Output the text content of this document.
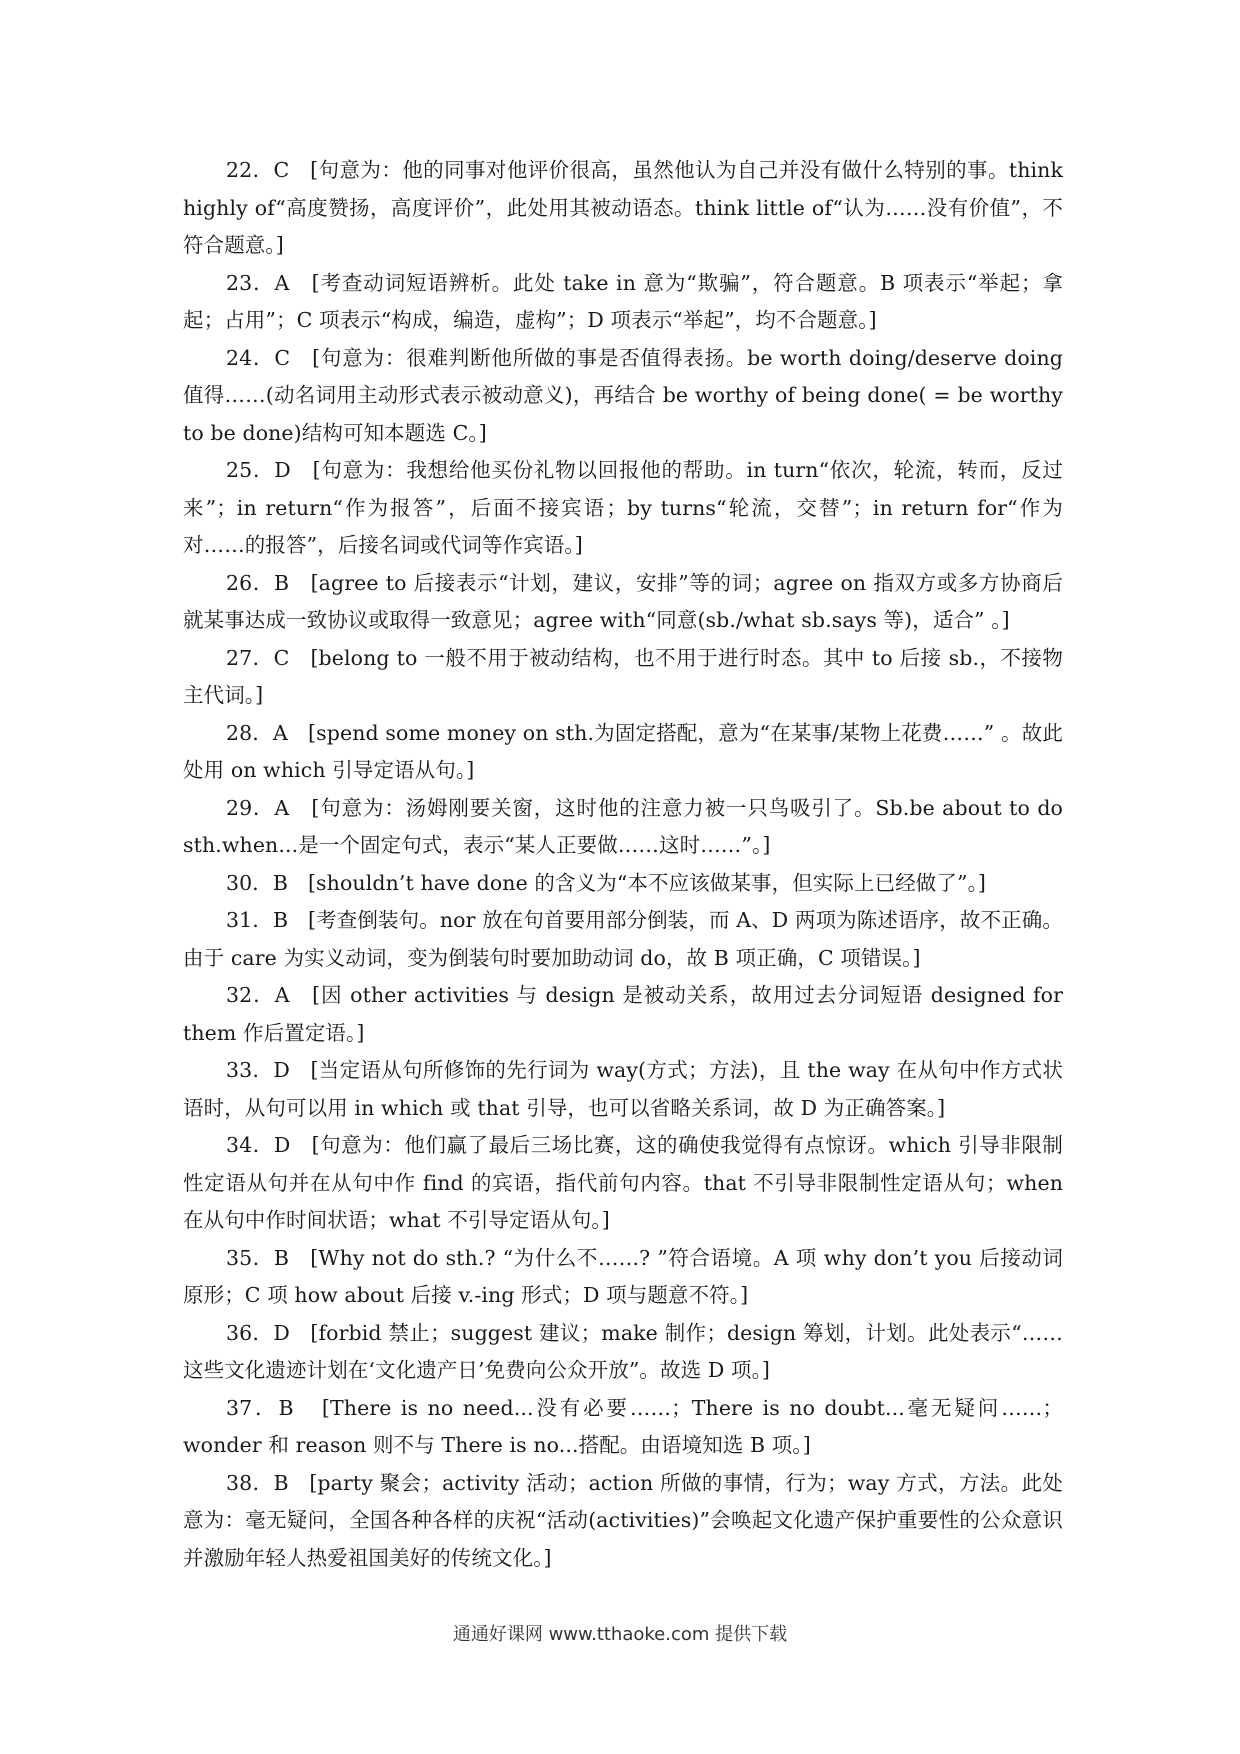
22．C [句意为：他的同事对他评价很高，虽然他认为自己并没有做什么特别的事。think highly of“高度赞扬，高度评价”，此处用其被动语态。think little of“认为……没有价值”，不符合题意。]

23．A [考查动词短语辨析。此处 take in 意为“欺骗”，符合题意。B 项表示“举起；拿起；占用”；C 项表示“构成，编造，虚构”；D 项表示“举起”，均不合题意。]

24．C [句意为：很难判断他所做的事是否值得表扬。be worth doing/deserve doing 值得……(动名词用主动形式表示被动意义)，再结合 be worthy of being done( = be worthy to be done)结构可知本题选 C。]

25．D [句意为：我想给他买份礼物以回报他的帮助。in turn“依次，轮流，转而，反过来”；in return“作为报答”，后面不接宾语；by turns“轮流，交替”；in return for“作为对……的报答”，后接名词或代词等作宾语。]

26．B [agree to 后接表示“计划，建议，安排”等的词；agree on 指双方或多方协商后就某事达成一致协议或取得一致意见；agree with“同意(sb./what sb.says 等)，适合” 。]

27．C [belong to 一般不用于被动结构，也不用于进行时态。其中 to 后接 sb.，不接物主代词。]

28．A [spend some money on sth.为固定搭配，意为“在某事/某物上花费……” 。故此处用 on which 引导定语从句。]

29．A [句意为：汤姆刚要关窗，这时他的注意力被一只鸟吸引了。Sb.be about to do sth.when...是一个固定句式，表示“某人正要做……这时……”。]

30．B [shouldn’t have done 的含义为“本不应该做某事，但实际上已经做了”。]

31．B [考查倒装句。nor 放在句首要用部分倒装，而 A、D 两项为陈述语序，故不正确。由于 care 为实义动词，变为倒装句时要加助动词 do，故 B 项正确，C 项错误。]

32．A [因 other activities 与 design 是被动关系，故用过去分词短语 designed for them 作后置定语。]

33．D [当定语从句所修饰的先行词为 way(方式；方法)，且 the way 在从句中作方式状语时，从句可以用 in which 或 that 引导，也可以省略关系词，故 D 为正确答案。]

34．D [句意为：他们赢了最后三场比赛，这的确使我觉得有点惊讶。which 引导非限制性定语从句并在从句中作 find 的宾语，指代前句内容。that 不引导非限制性定语从句；when 在从句中作时间状语；what 不引导定语从句。]

35．B [Why not do sth.? “为什么不……? ”符合语境。A 项 why don’t you 后接动词原形；C 项 how about 后接 v.-ing 形式；D 项与题意不符。]

36．D [forbid 禁止；suggest 建议；make 制作；design 筹划，计划。此处表示“……这些文化遗迹计划在‘文化遗产日’免费向公众开放”。故选 D 项。]

37．B [There is no need...没有必要……；There is no doubt...毫无疑问……；wonder 和 reason 则不与 There is no...搭配。由语境知选 B 项。]

38．B [party 聚会；activity 活动；action 所做的事情，行为；way 方式，方法。此处意为：毫无疑问，全国各种各样的庆祝“活动(activities)”会唤起文化遗产保护重要性的公众意识并激励年轻人热爱祖国美好的传统文化。]

通通好课网 www.tthaoke.com 提供下载
